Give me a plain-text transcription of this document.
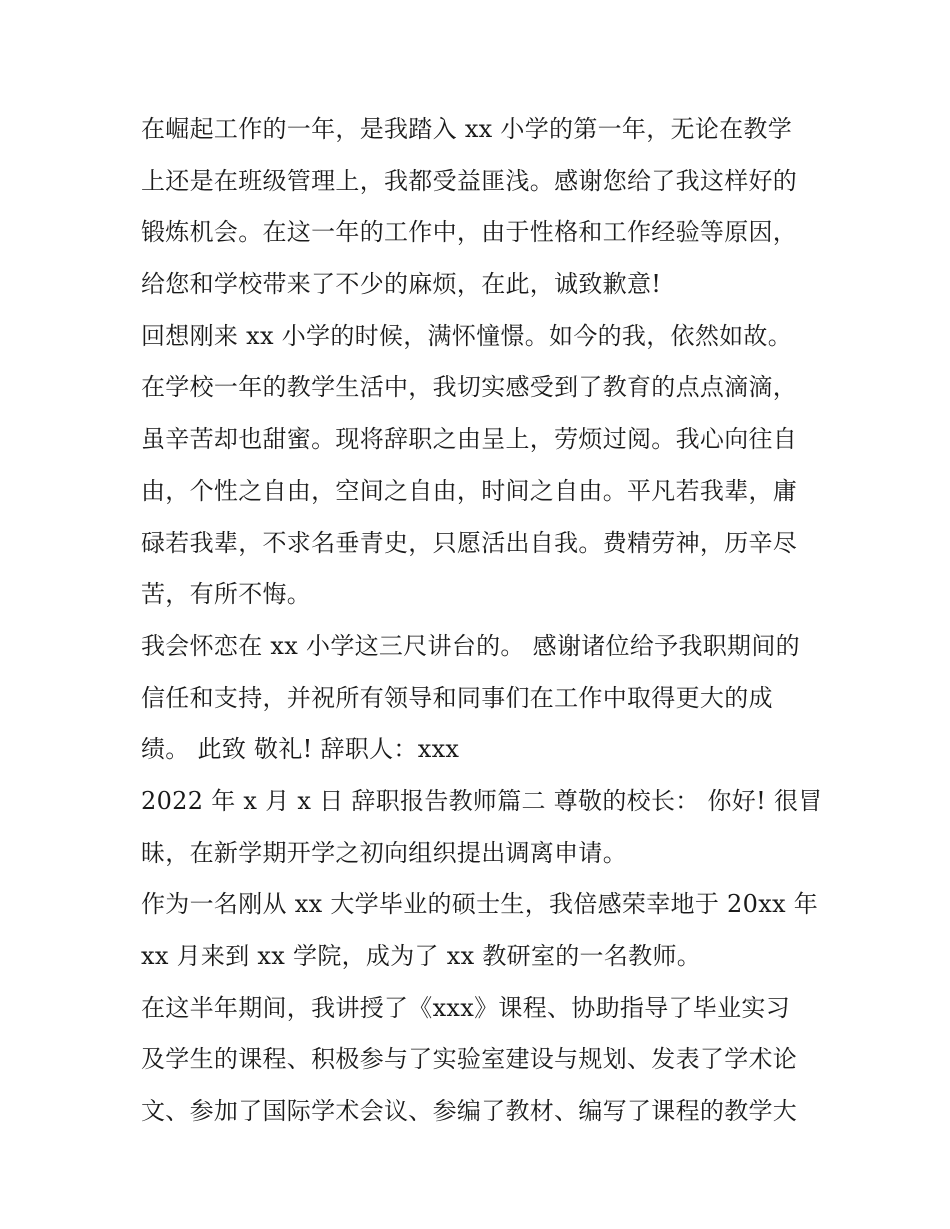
在崛起工作的一年，是我踏入 xx 小学的第一年，无论在教学
上还是在班级管理上，我都受益匪浅。感谢您给了我这样好的
锻炼机会。在这一年的工作中，由于性格和工作经验等原因，
给您和学校带来了不少的麻烦，在此，诚致歉意!
回想刚来 xx 小学的时候，满怀憧憬。如今的我，依然如故。
在学校一年的教学生活中，我切实感受到了教育的点点滴滴，
虽辛苦却也甜蜜。现将辞职之由呈上，劳烦过阅。我心向往自
由，个性之自由，空间之自由，时间之自由。平凡若我辈，庸
碌若我辈，不求名垂青史，只愿活出自我。费精劳神，历辛尽
苦，有所不悔。
我会怀恋在 xx 小学这三尺讲台的。 感谢诸位给予我职期间的
信任和支持，并祝所有领导和同事们在工作中取得更大的成
绩。 此致 敬礼! 辞职人：xxx
2022 年 x 月 x 日 辞职报告教师篇二 尊敬的校长： 你好! 很冒
昧，在新学期开学之初向组织提出调离申请。
作为一名刚从 xx 大学毕业的硕士生，我倍感荣幸地于 20xx 年
xx 月来到 xx 学院，成为了 xx 教研室的一名教师。
在这半年期间，我讲授了《xxx》课程、协助指导了毕业实习
及学生的课程、积极参与了实验室建设与规划、发表了学术论
文、参加了国际学术会议、参编了教材、编写了课程的教学大
